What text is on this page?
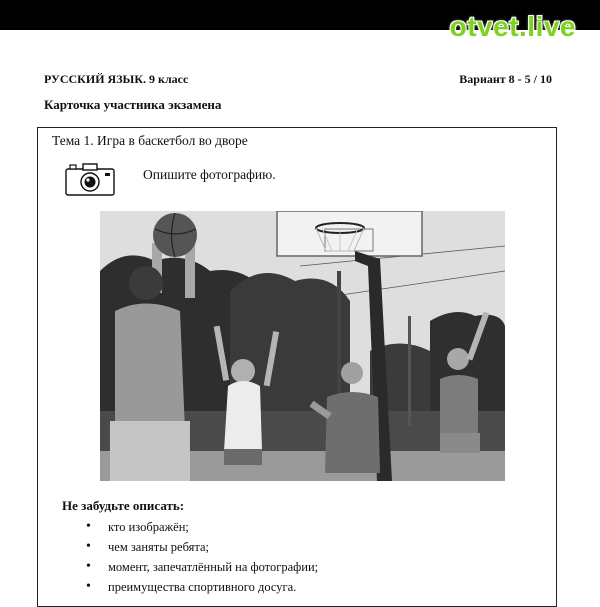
otvet.live
РУССКИЙ ЯЗЫК. 9 класс	Вариант 8 - 5 / 10
Карточка участника экзамена
Тема 1. Игра в баскетбол во дворе
Опишите фотографию.
Не забудьте описать:
• кто изображён;
• чем заняты ребята;
• момент, запечатлённый на фотографии;
• преимущества спортивного досуга.
